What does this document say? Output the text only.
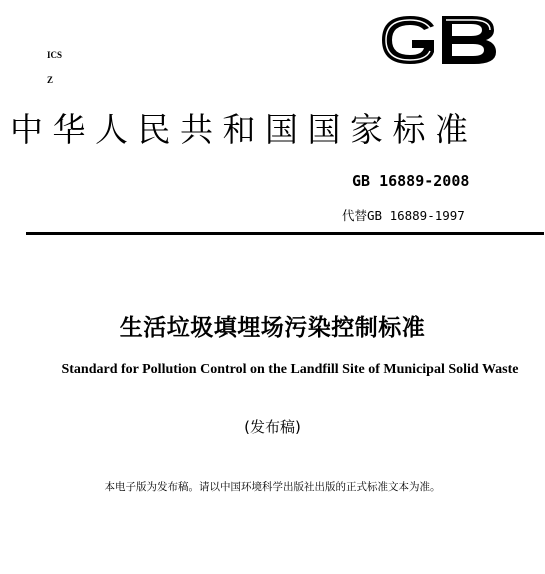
ICS
Z
中华人民共和国国家标准
GB 16889-2008
代替GB 16889-1997
生活垃圾填埋场污染控制标准
Standard for Pollution Control on the Landfill Site of Municipal Solid Waste
(发布稿)
本电子版为发布稿。请以中国环境科学出版社出版的正式标准文本为准。
